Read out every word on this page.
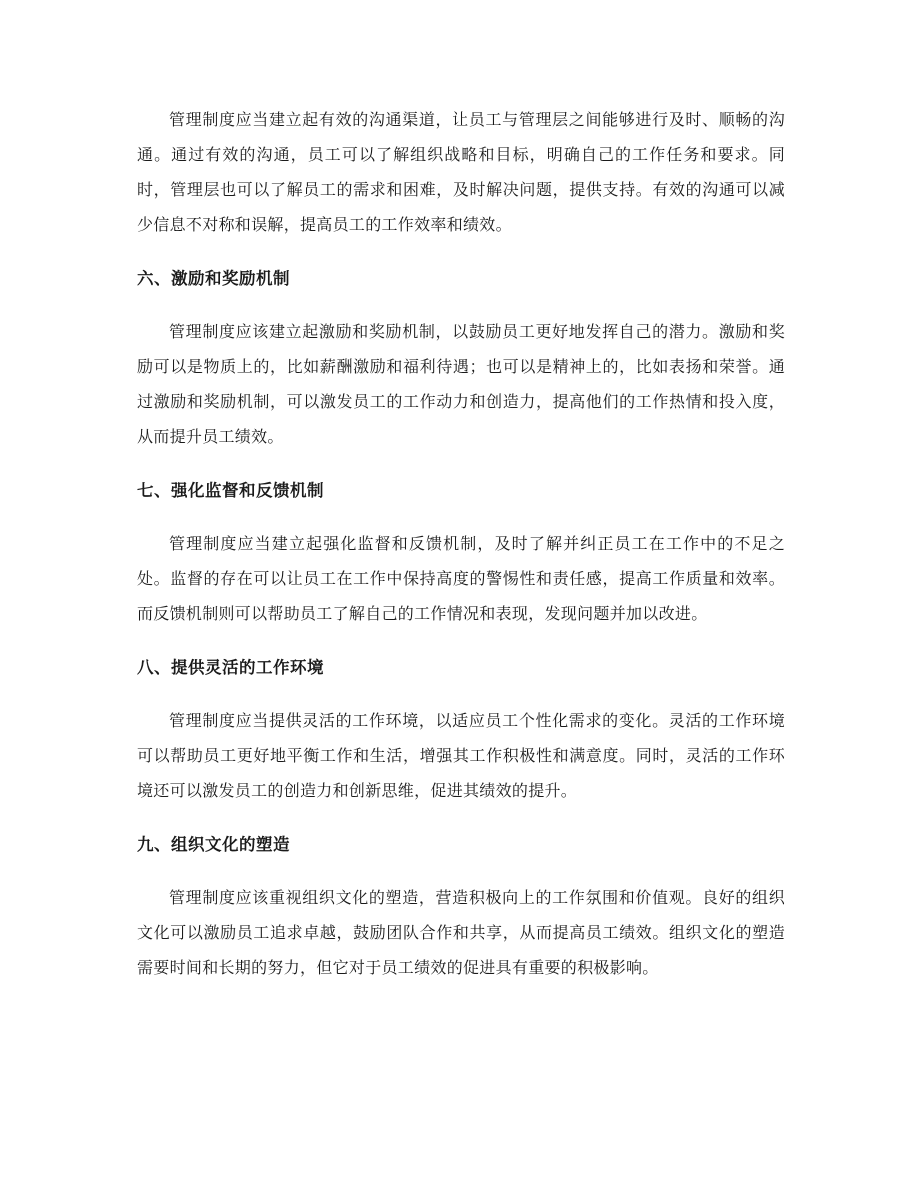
管理制度应当建立起有效的沟通渠道，让员工与管理层之间能够进行及时、顺畅的沟通。通过有效的沟通，员工可以了解组织战略和目标，明确自己的工作任务和要求。同时，管理层也可以了解员工的需求和困难，及时解决问题，提供支持。有效的沟通可以减少信息不对称和误解，提高员工的工作效率和绩效。

六、激励和奖励机制

管理制度应该建立起激励和奖励机制，以鼓励员工更好地发挥自己的潜力。激励和奖励可以是物质上的，比如薪酬激励和福利待遇；也可以是精神上的，比如表扬和荣誉。通过激励和奖励机制，可以激发员工的工作动力和创造力，提高他们的工作热情和投入度，从而提升员工绩效。

七、强化监督和反馈机制

管理制度应当建立起强化监督和反馈机制，及时了解并纠正员工在工作中的不足之处。监督的存在可以让员工在工作中保持高度的警惕性和责任感，提高工作质量和效率。而反馈机制则可以帮助员工了解自己的工作情况和表现，发现问题并加以改进。

八、提供灵活的工作环境

管理制度应当提供灵活的工作环境，以适应员工个性化需求的变化。灵活的工作环境可以帮助员工更好地平衡工作和生活，增强其工作积极性和满意度。同时，灵活的工作环境还可以激发员工的创造力和创新思维，促进其绩效的提升。

九、组织文化的塑造

管理制度应该重视组织文化的塑造，营造积极向上的工作氛围和价值观。良好的组织文化可以激励员工追求卓越，鼓励团队合作和共享，从而提高员工绩效。组织文化的塑造需要时间和长期的努力，但它对于员工绩效的促进具有重要的积极影响。
